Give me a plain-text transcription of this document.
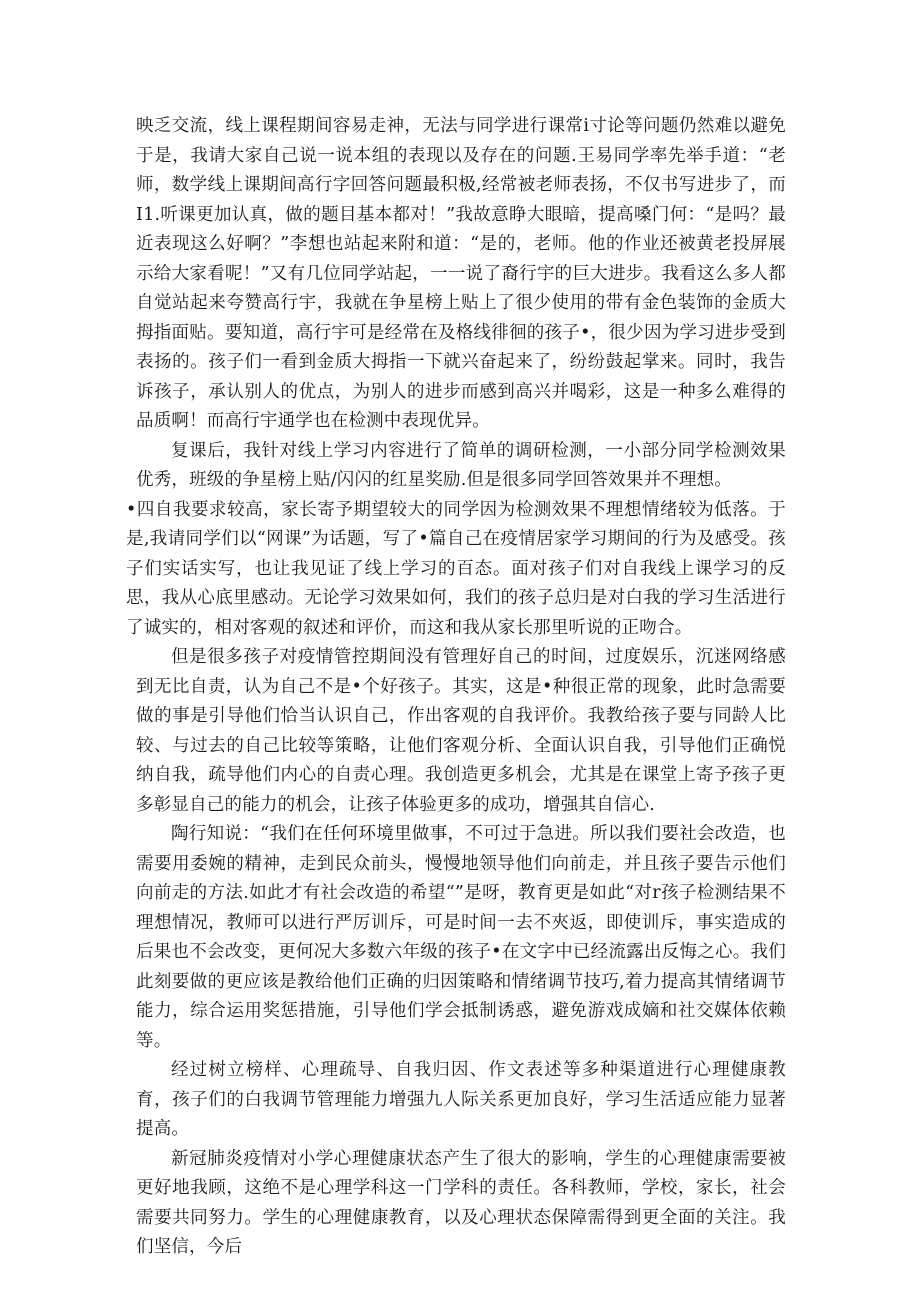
映乏交流，线上课程期间容易走神，无法与同学进行课常i寸论等问题仍然难以避免于是，我请大家自己说一说本组的表现以及存在的问题.王易同学率先举手道：“老师，数学线上课期间高行字回答问题最积极,经常被老师表扬，不仅书写进步了，而I1.听课更加认真，做的题目基本都对！”我故意睁大眼暗，提高嗓门何：“是吗？最近表现这么好啊？”李想也站起来附和道：“是的，老师。他的作业还被黄老投屏展示给大家看呢！”又有几位同学站起，一一说了裔行宇的巨大进步。我看这么多人都自觉站起来夸赞高行宇，我就在争星榜上贴上了很少使用的带有金色装饰的金质大拇指面贴。要知道，高行宇可是经常在及格线徘徊的孩子•，很少因为学习进步受到表扬的。孩子们一看到金质大拇指一下就兴奋起来了，纷纷鼓起掌来。同时，我告诉孩子，承认别人的优点，为别人的进步而感到高兴并喝彩，这是一种多么难得的品质啊！而高行宇通学也在检测中表现优异。

复课后，我针对线上学习内容进行了简单的调研检测，一小部分同学检测效果优秀，班级的争星榜上贴/闪闪的红星奖励.但是很多同学回答效果并不理想。

•四自我要求较高，家长寄予期望较大的同学因为检测效果不理想情绪较为低落。于是,我请同学们以“网课”为话题，写了•篇自己在疫情居家学习期间的行为及感受。孩子们实话实写，也让我见证了线上学习的百态。面对孩子们对自我线上课学习的反思，我从心底里感动。无论学习效果如何，我们的孩子总归是对白我的学习生活进行了诚实的，相对客观的叙述和评价，而这和我从家长那里听说的正吻合。

但是很多孩子对疫情管控期间没有管理好自己的时间，过度娱乐，沉迷网络感到无比自责，认为自己不是•个好孩子。其实，这是•种很正常的现象，此时急需要做的事是引导他们恰当认识自己，作出客观的自我评价。我教给孩子要与同龄人比较、与过去的自己比较等策略，让他们客观分析、全面认识自我，引导他们正确悦纳自我，疏导他们内心的自责心理。我创造更多机会，尤其是在课堂上寄予孩子更多彰显自己的能力的机会，让孩子体验更多的成功，增强其自信心.

陶行知说：“我们在任何环境里做事，不可过于急进。所以我们要社会改造，也需要用委婉的精神，走到民众前头，慢慢地领导他们向前走，并且孩子要告示他们向前走的方法.如此才有社会改造的希望“”是呀，教育更是如此“对r孩子检测结果不理想情况，教师可以进行严厉训斥，可是时间一去不夾返，即使训斥，事实造成的后果也不会改变，更何况大多数六年级的孩子•在文字中已经流露出反悔之心。我们此刻要做的更应该是教给他们正确的归因策略和情绪调节技巧,着力提高其情绪调节能力，综合运用奖惩措施，引导他们学会抵制诱惑，避免游戏成嫡和社交媒体依赖等。

经过树立榜样、心理疏导、自我归因、作文表述等多种渠道进行心理健康教育，孩子们的白我调节管理能力增强九人际关系更加良好，学习生活适应能力显著提高。

新冠肺炎疫情对小学心理健康状态产生了很大的影响，学生的心理健康需要被更好地我顾，这绝不是心理学科这一门学科的责任。各科教师，学校，家长，社会需要共同努力。学生的心理健康教育，以及心理状态保障需得到更全面的关注。我们坚信，今后
